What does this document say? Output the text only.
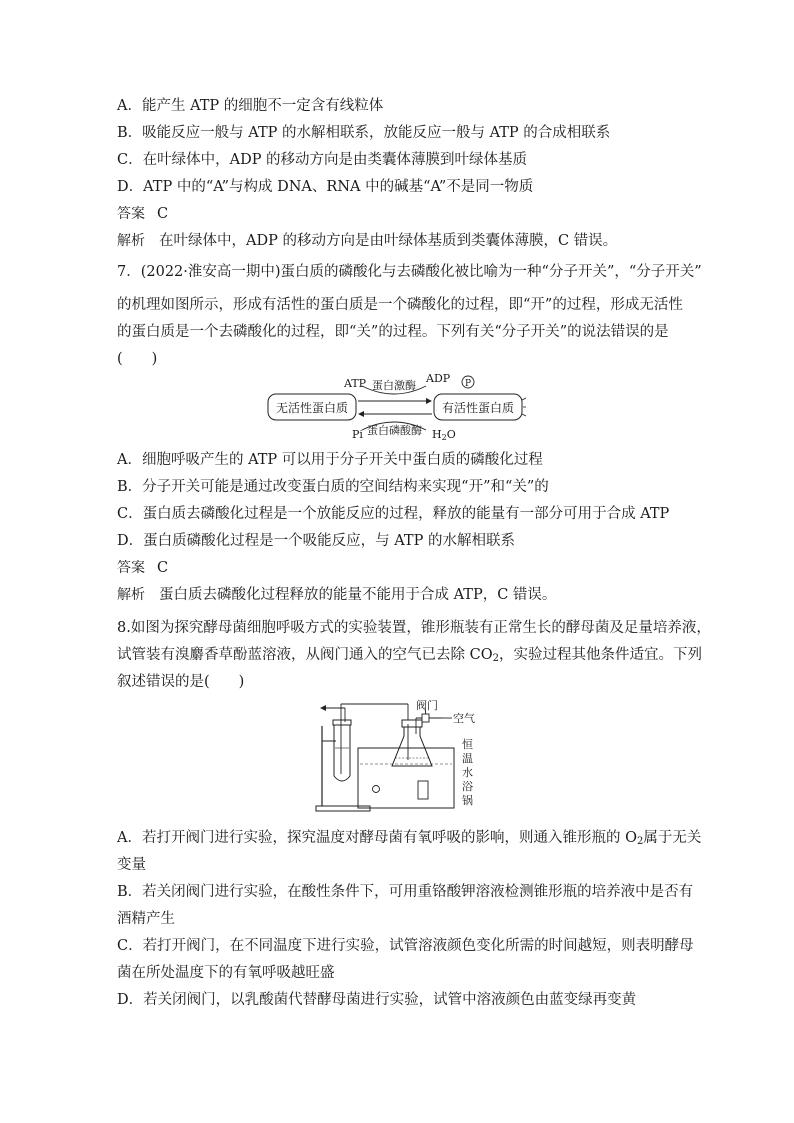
A．能产生 ATP 的细胞不一定含有线粒体
B．吸能反应一般与 ATP 的水解相联系，放能反应一般与 ATP 的合成相联系
C．在叶绿体中，ADP 的移动方向是由类囊体薄膜到叶绿体基质
D．ATP 中的“A”与构成 DNA、RNA 中的碱基“A”不是同一物质
答案 C
解析 在叶绿体中，ADP 的移动方向是由叶绿体基质到类囊体薄膜，C 错误。
7．(2022·淮安高一期中)蛋白质的磷酸化与去磷酸化被比喻为一种“分子开关”，“分子开关”
的机理如图所示，形成有活性的蛋白质是一个磷酸化的过程，即“开”的过程，形成无活性
的蛋白质是一个去磷酸化的过程，即“关”的过程。下列有关“分子开关”的说法错误的是
(　　)
无活性蛋白质	有活性蛋白质
ATP 蛋白激酶
ADP P
Pi 蛋白磷酸酶 H2O
A．细胞呼吸产生的 ATP 可以用于分子开关中蛋白质的磷酸化过程
B．分子开关可能是通过改变蛋白质的空间结构来实现“开”和“关”的
C．蛋白质去磷酸化过程是一个放能反应的过程，释放的能量有一部分可用于合成 ATP
D．蛋白质磷酸化过程是一个吸能反应，与 ATP 的水解相联系
答案 C
解析 蛋白质去磷酸化过程释放的能量不能用于合成 ATP，C 错误。
8.如图为探究酵母菌细胞呼吸方式的实验装置，锥形瓶装有正常生长的酵母菌及足量培养液，
试管装有溴麝香草酚蓝溶液，从阀门通入的空气已去除 $CO_2$，实验过程其他条件适宜。下列
叙述错误的是(　　)
阀门
空气
恒
温
水
浴
锅
A．若打开阀门进行实验，探究温度对酵母菌有氧呼吸的影响，则通入锥形瓶的 $O_2$属于无关
变量
B．若关闭阀门进行实验，在酸性条件下，可用重铬酸钾溶液检测锥形瓶的培养液中是否有
酒精产生
C．若打开阀门，在不同温度下进行实验，试管溶液颜色变化所需的时间越短，则表明酵母
菌在所处温度下的有氧呼吸越旺盛
D．若关闭阀门，以乳酸菌代替酵母菌进行实验，试管中溶液颜色由蓝变绿再变黄
